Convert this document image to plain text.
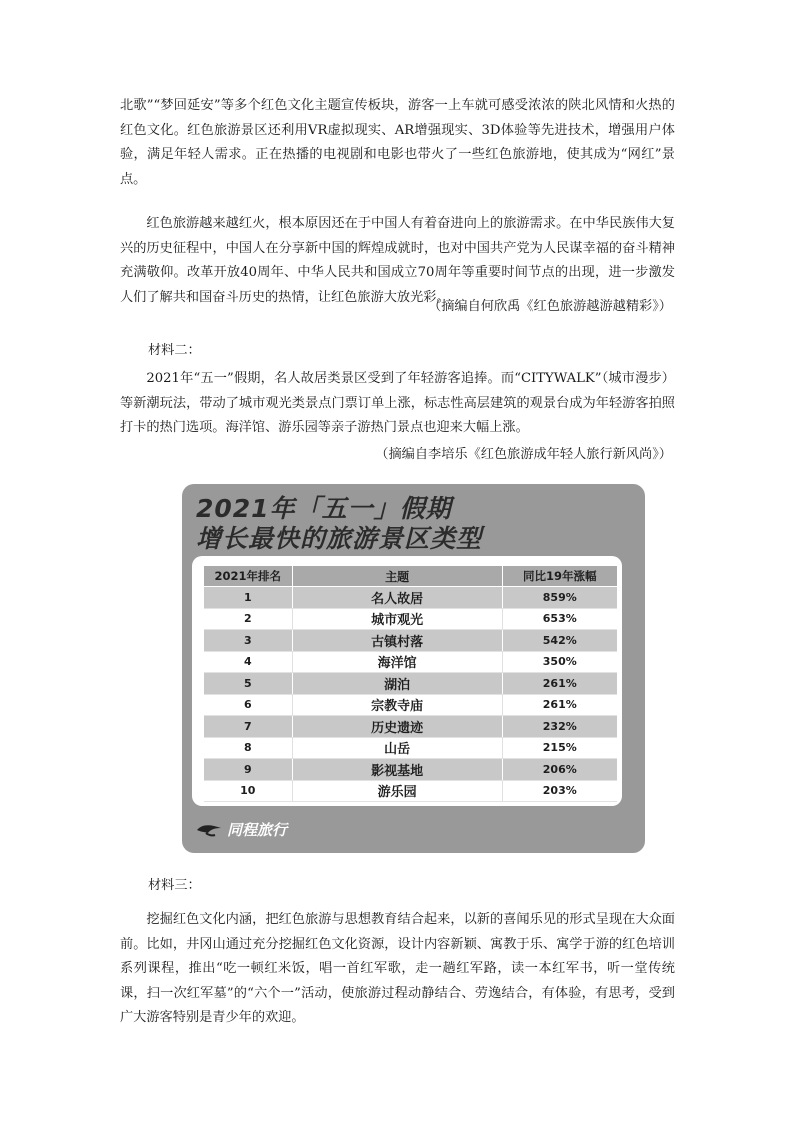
北歌”“梦回延安”等多个红色文化主题宣传板块，游客一上车就可感受浓浓的陕北风情和火热的红色文化。红色旅游景区还利用VR虚拟现实、AR增强现实、3D体验等先进技术，增强用户体验，满足年轻人需求。正在热播的电视剧和电影也带火了一些红色旅游地，使其成为“网红”景点。

红色旅游越来越红火，根本原因还在于中国人有着奋进向上的旅游需求。在中华民族伟大复兴的历史征程中，中国人在分享新中国的辉煌成就时，也对中国共产党为人民谋幸福的奋斗精神充满敬仰。改革开放40周年、中华人民共和国成立70周年等重要时间节点的出现，进一步激发人们了解共和国奋斗历史的热情，让红色旅游大放光彩。

（摘编自何欣禹《红色旅游越游越精彩》）

材料二：

2021年“五一”假期，名人故居类景区受到了年轻游客追捧。而“CITYWALK”（城市漫步）等新潮玩法，带动了城市观光类景点门票订单上涨，标志性高层建筑的观景台成为年轻游客拍照打卡的热门选项。海洋馆、游乐园等亲子游热门景点也迎来大幅上涨。

（摘编自李培乐《红色旅游成年轻人旅行新风尚》）

2021年「五一」假期
增长最快的旅游景区类型

2021年排名	主题	同比19年涨幅
1	名人故居	859%
2	城市观光	653%
3	古镇村落	542%
4	海洋馆	350%
5	湖泊	261%
6	宗教寺庙	261%
7	历史遗迹	232%
8	山岳	215%
9	影视基地	206%
10	游乐园	203%
同程旅行

材料三：

挖掘红色文化内涵，把红色旅游与思想教育结合起来，以新的喜闻乐见的形式呈现在大众面前。比如，井冈山通过充分挖掘红色文化资源，设计内容新颖、寓教于乐、寓学于游的红色培训系列课程，推出“吃一顿红米饭，唱一首红军歌，走一趟红军路，读一本红军书，听一堂传统课，扫一次红军墓”的“六个一”活动，使旅游过程动静结合、劳逸结合，有体验，有思考，受到广大游客特别是青少年的欢迎。
